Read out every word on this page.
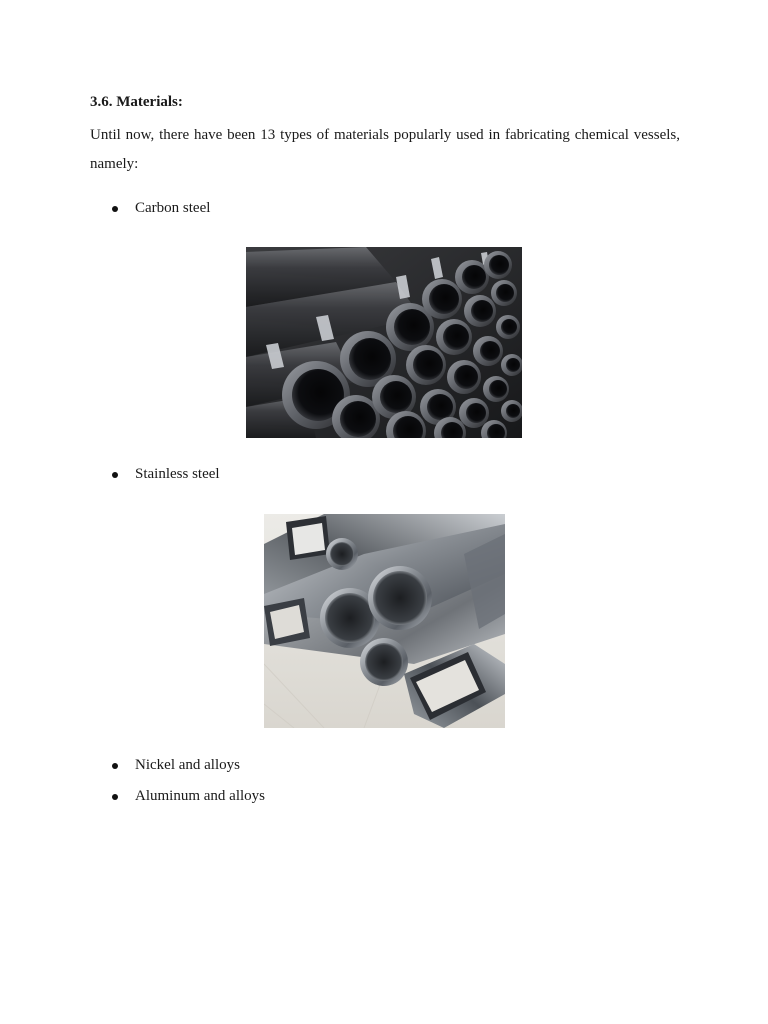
3.6. Materials:
Until now, there have been 13 types of materials popularly used in fabricating chemical vessels, namely:
Carbon steel
Stainless steel
Nickel and alloys
Aluminum and alloys
